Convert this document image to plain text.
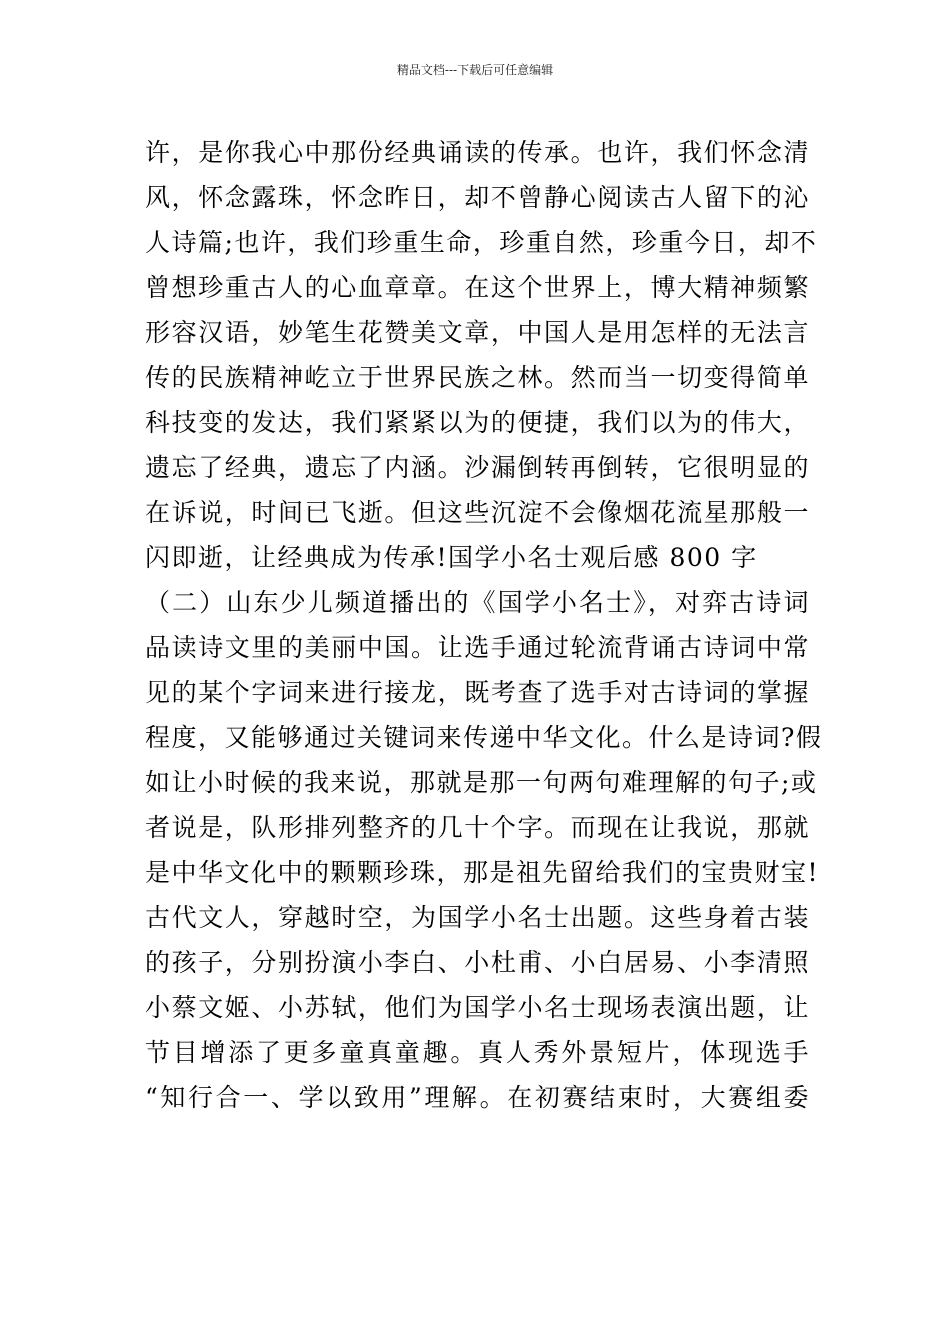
精品文档---下载后可任意编辑
许，是你我心中那份经典诵读的传承。也许，我们怀念清
风，怀念露珠，怀念昨日，却不曾静心阅读古人留下的沁
人诗篇;也许，我们珍重生命，珍重自然，珍重今日，却不
曾想珍重古人的心血章章。在这个世界上，博大精神频繁
形容汉语，妙笔生花赞美文章，中国人是用怎样的无法言
传的民族精神屹立于世界民族之林。然而当一切变得简单
科技变的发达，我们紧紧以为的便捷，我们以为的伟大，
遗忘了经典，遗忘了内涵。沙漏倒转再倒转，它很明显的
在诉说，时间已飞逝。但这些沉淀不会像烟花流星那般一
闪即逝，让经典成为传承!国学小名士观后感 800 字
（二）山东少儿频道播出的《国学小名士》，对弈古诗词
品读诗文里的美丽中国。让选手通过轮流背诵古诗词中常
见的某个字词来进行接龙，既考查了选手对古诗词的掌握
程度，又能够通过关键词来传递中华文化。什么是诗词?假
如让小时候的我来说，那就是那一句两句难理解的句子;或
者说是，队形排列整齐的几十个字。而现在让我说，那就
是中华文化中的颗颗珍珠，那是祖先留给我们的宝贵财宝!
古代文人，穿越时空，为国学小名士出题。这些身着古装
的孩子，分别扮演小李白、小杜甫、小白居易、小李清照
小蔡文姬、小苏轼，他们为国学小名士现场表演出题，让
节目增添了更多童真童趣。真人秀外景短片，体现选手
“知行合一、学以致用”理解。在初赛结束时，大赛组委
